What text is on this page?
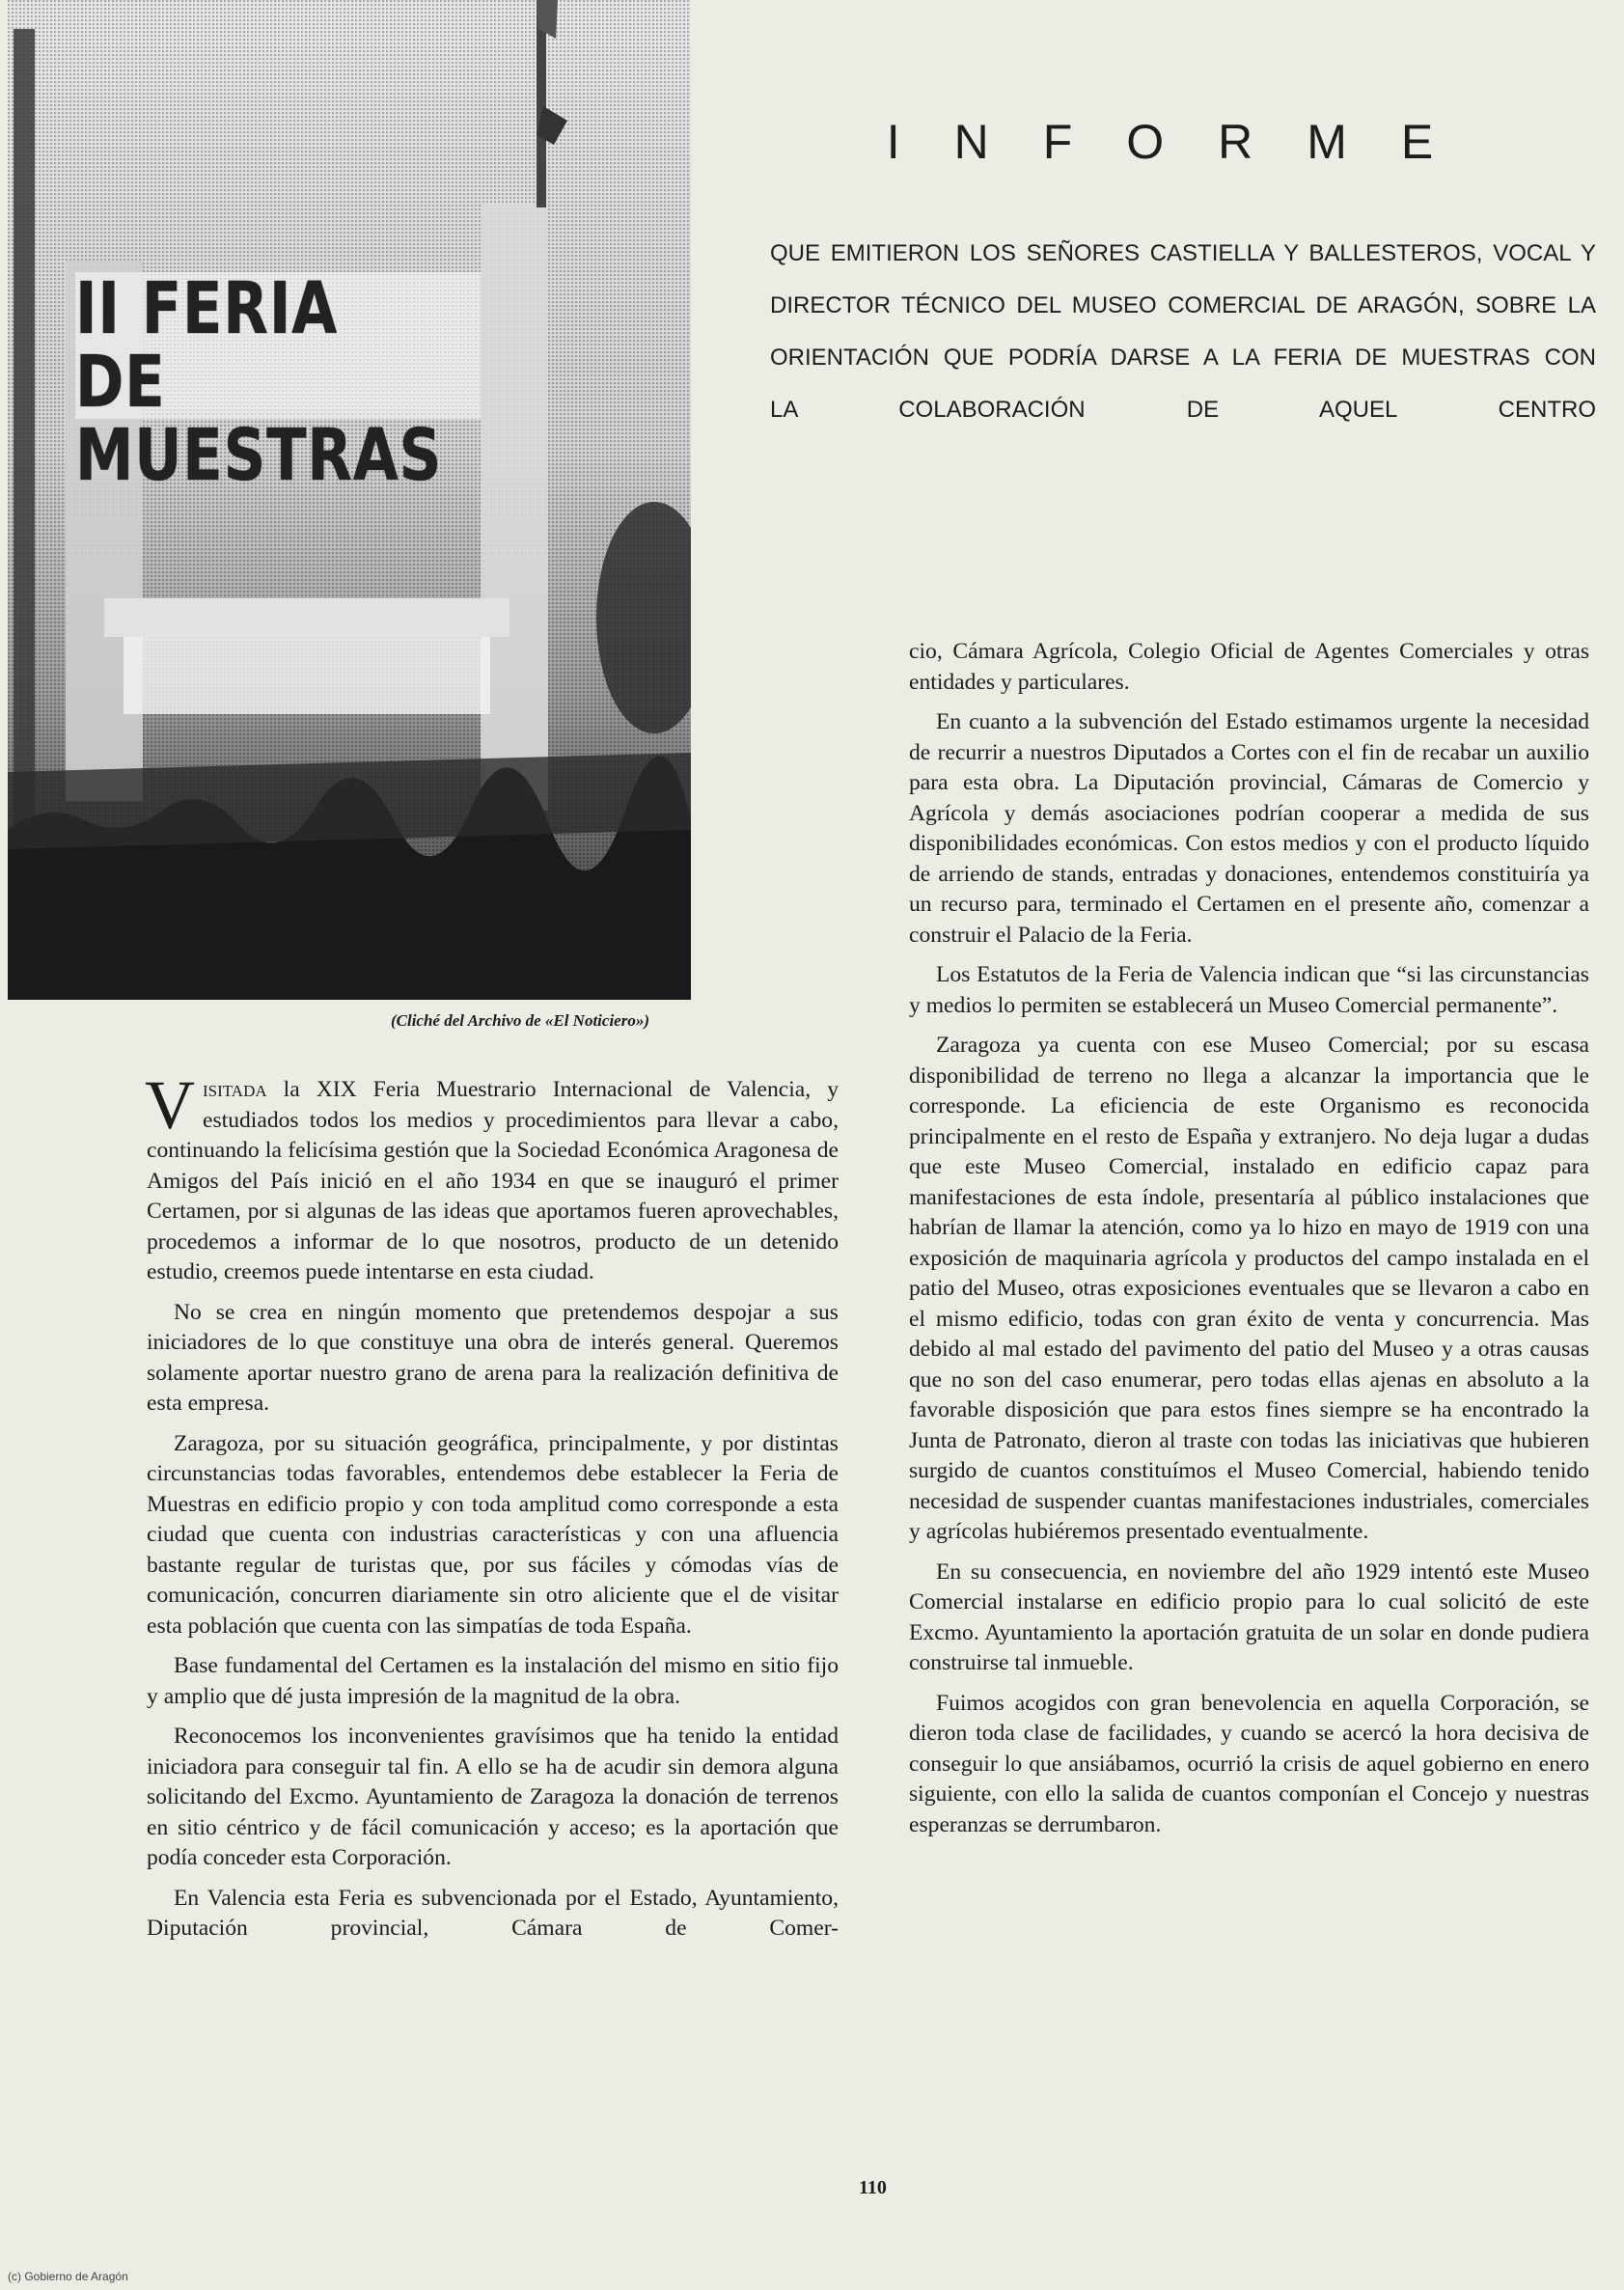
II FERIA DE
MUESTRAS
(Cliché del Archivo de «El Noticiero»)
INFORME
QUE EMITIERON LOS SEÑORES CASTIELLA Y BALLESTEROS, VOCAL Y DIRECTOR TÉCNICO DEL MUSEO COMERCIAL DE ARAGÓN, SOBRE LA ORIENTACIÓN QUE PODRÍA DARSE A LA FERIA DE MUESTRAS CON LA COLABORACIÓN DE AQUEL CENTRO

Visitada la XIX Feria Muestrario Internacional de Valencia, y estudiados todos los medios y procedimientos para llevar a cabo, continuando la felicísima gestión que la Sociedad Económica Aragonesa de Amigos del País inició en el año 1934 en que se inauguró el primer Certamen, por si algunas de las ideas que aportamos fueren aprovechables, procedemos a informar de lo que nosotros, producto de un detenido estudio, creemos puede intentarse en esta ciudad.

No se crea en ningún momento que pretendemos despojar a sus iniciadores de lo que constituye una obra de interés general. Queremos solamente aportar nuestro grano de arena para la realización definitiva de esta empresa.

Zaragoza, por su situación geográfica, principalmente, y por distintas circunstancias todas favorables, entendemos debe establecer la Feria de Muestras en edificio propio y con toda amplitud como corresponde a esta ciudad que cuenta con industrias características y con una afluencia bastante regular de turistas que, por sus fáciles y cómodas vías de comunicación, concurren diariamente sin otro aliciente que el de visitar esta población que cuenta con las simpatías de toda España.

Base fundamental del Certamen es la instalación del mismo en sitio fijo y amplio que dé justa impresión de la magnitud de la obra.

Reconocemos los inconvenientes gravísimos que ha tenido la entidad iniciadora para conseguir tal fin. A ello se ha de acudir sin demora alguna solicitando del Excmo. Ayuntamiento de Zaragoza la donación de terrenos en sitio céntrico y de fácil comunicación y acceso; es la aportación que podía conceder esta Corporación.

En Valencia esta Feria es subvencionada por el Estado, Ayuntamiento, Diputación provincial, Cámara de Comer-

cio, Cámara Agrícola, Colegio Oficial de Agentes Comerciales y otras entidades y particulares.

En cuanto a la subvención del Estado estimamos urgente la necesidad de recurrir a nuestros Diputados a Cortes con el fin de recabar un auxilio para esta obra. La Diputación provincial, Cámaras de Comercio y Agrícola y demás asociaciones podrían cooperar a medida de sus disponibilidades económicas. Con estos medios y con el producto líquido de arriendo de stands, entradas y donaciones, entendemos constituiría ya un recurso para, terminado el Certamen en el presente año, comenzar a construir el Palacio de la Feria.

Los Estatutos de la Feria de Valencia indican que “si las circunstancias y medios lo permiten se establecerá un Museo Comercial permanente”.

Zaragoza ya cuenta con ese Museo Comercial; por su escasa disponibilidad de terreno no llega a alcanzar la importancia que le corresponde. La eficiencia de este Organismo es reconocida principalmente en el resto de España y extranjero. No deja lugar a dudas que este Museo Comercial, instalado en edificio capaz para manifestaciones de esta índole, presentaría al público instalaciones que habrían de llamar la atención, como ya lo hizo en mayo de 1919 con una exposición de maquinaria agrícola y productos del campo instalada en el patio del Museo, otras exposiciones eventuales que se llevaron a cabo en el mismo edificio, todas con gran éxito de venta y concurrencia. Mas debido al mal estado del pavimento del patio del Museo y a otras causas que no son del caso enumerar, pero todas ellas ajenas en absoluto a la favorable disposición que para estos fines siempre se ha encontrado la Junta de Patronato, dieron al traste con todas las iniciativas que hubieren surgido de cuantos constituímos el Museo Comercial, habiendo tenido necesidad de suspender cuantas manifestaciones industriales, comerciales y agrícolas hubiéremos presentado eventualmente.

En su consecuencia, en noviembre del año 1929 intentó este Museo Comercial instalarse en edificio propio para lo cual solicitó de este Excmo. Ayuntamiento la aportación gratuita de un solar en donde pudiera construirse tal inmueble.

Fuimos acogidos con gran benevolencia en aquella Corporación, se dieron toda clase de facilidades, y cuando se acercó la hora decisiva de conseguir lo que ansiábamos, ocurrió la crisis de aquel gobierno en enero siguiente, con ello la salida de cuantos componían el Concejo y nuestras esperanzas se derrumbaron.

110
(c) Gobierno de Aragón
